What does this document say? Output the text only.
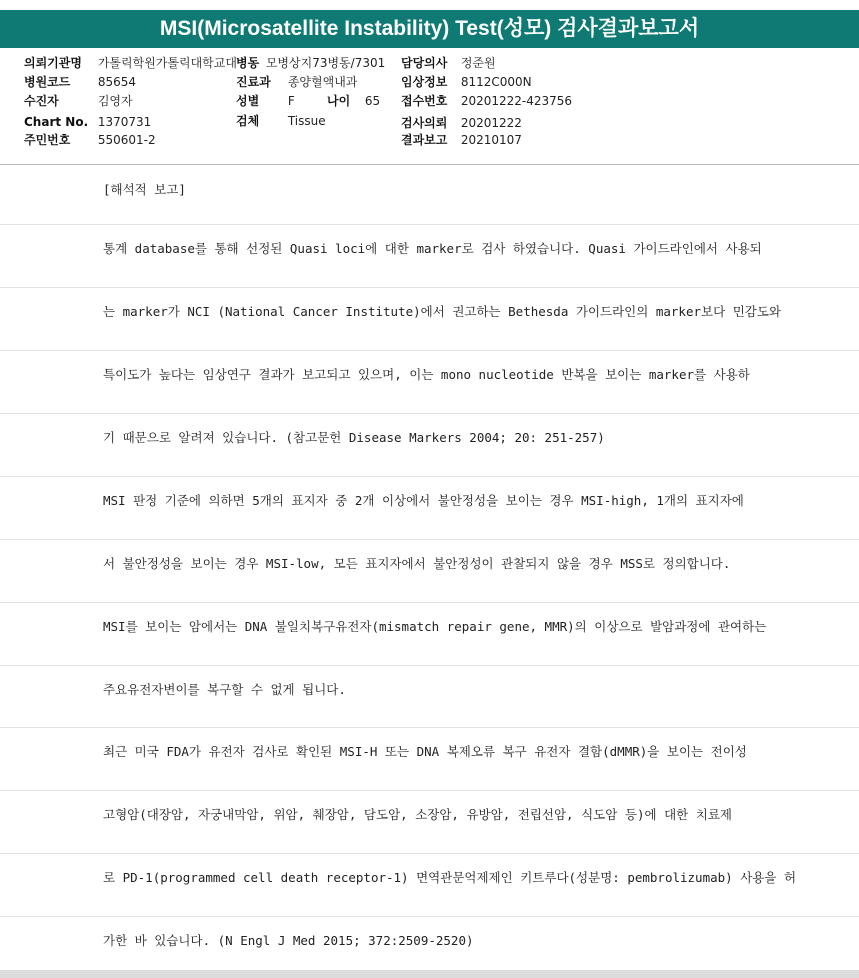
MSI(Microsatellite Instability) Test(성모) 검사결과보고서
의뢰기관명 가톨릭학원가톨릭대학교대
병원코드 85654
수진자	김영자
Chart No. 1370731
주민번호 550601-2
병동 모병상지73병동/7301
진료과 종양혈액내과
성별 F	나이 65
검체 Tissue
담당의사 정준원
임상정보 8112C000N
접수번호 20201222-423756
검사의뢰 20201222
결과보고 20210107
[해석적 보고]
통계 database를 통해 선정된 Quasi loci에 대한 marker로 검사 하였습니다. Quasi 가이드라인에서 사용되
는 marker가 NCI (National Cancer Institute)에서 권고하는 Bethesda 가이드라인의 marker보다 민감도와
특이도가 높다는 임상연구 결과가 보고되고 있으며, 이는 mono nucleotide 반복을 보이는 marker를 사용하
기 때문으로 알려져 있습니다. (참고문헌 Disease Markers 2004; 20: 251-257)
MSI 판정 기준에 의하면 5개의 표지자 중 2개 이상에서 불안정성을 보이는 경우 MSI-high, 1개의 표지자에
서 불안정성을 보이는 경우 MSI-low, 모든 표지자에서 불안정성이 관찰되지 않을 경우 MSS로 정의합니다.
MSI를 보이는 암에서는 DNA 불일치복구유전자(mismatch repair gene, MMR)의 이상으로 발암과정에 관여하는
주요유전자변이를 복구할 수 없게 됩니다.
최근 미국 FDA가 유전자 검사로 확인된 MSI-H 또는 DNA 복제오류 복구 유전자 결함(dMMR)을 보이는 전이성
고형암(대장암, 자궁내막암, 위암, 췌장암, 담도암, 소장암, 유방암, 전립선암, 식도암 등)에 대한 치료제
로 PD-1(programmed cell death receptor-1) 면역관문억제제인 키트루다(성분명: pembrolizumab) 사용을 허
가한 바 있습니다. (N Engl J Med 2015; 372:2509-2520)
